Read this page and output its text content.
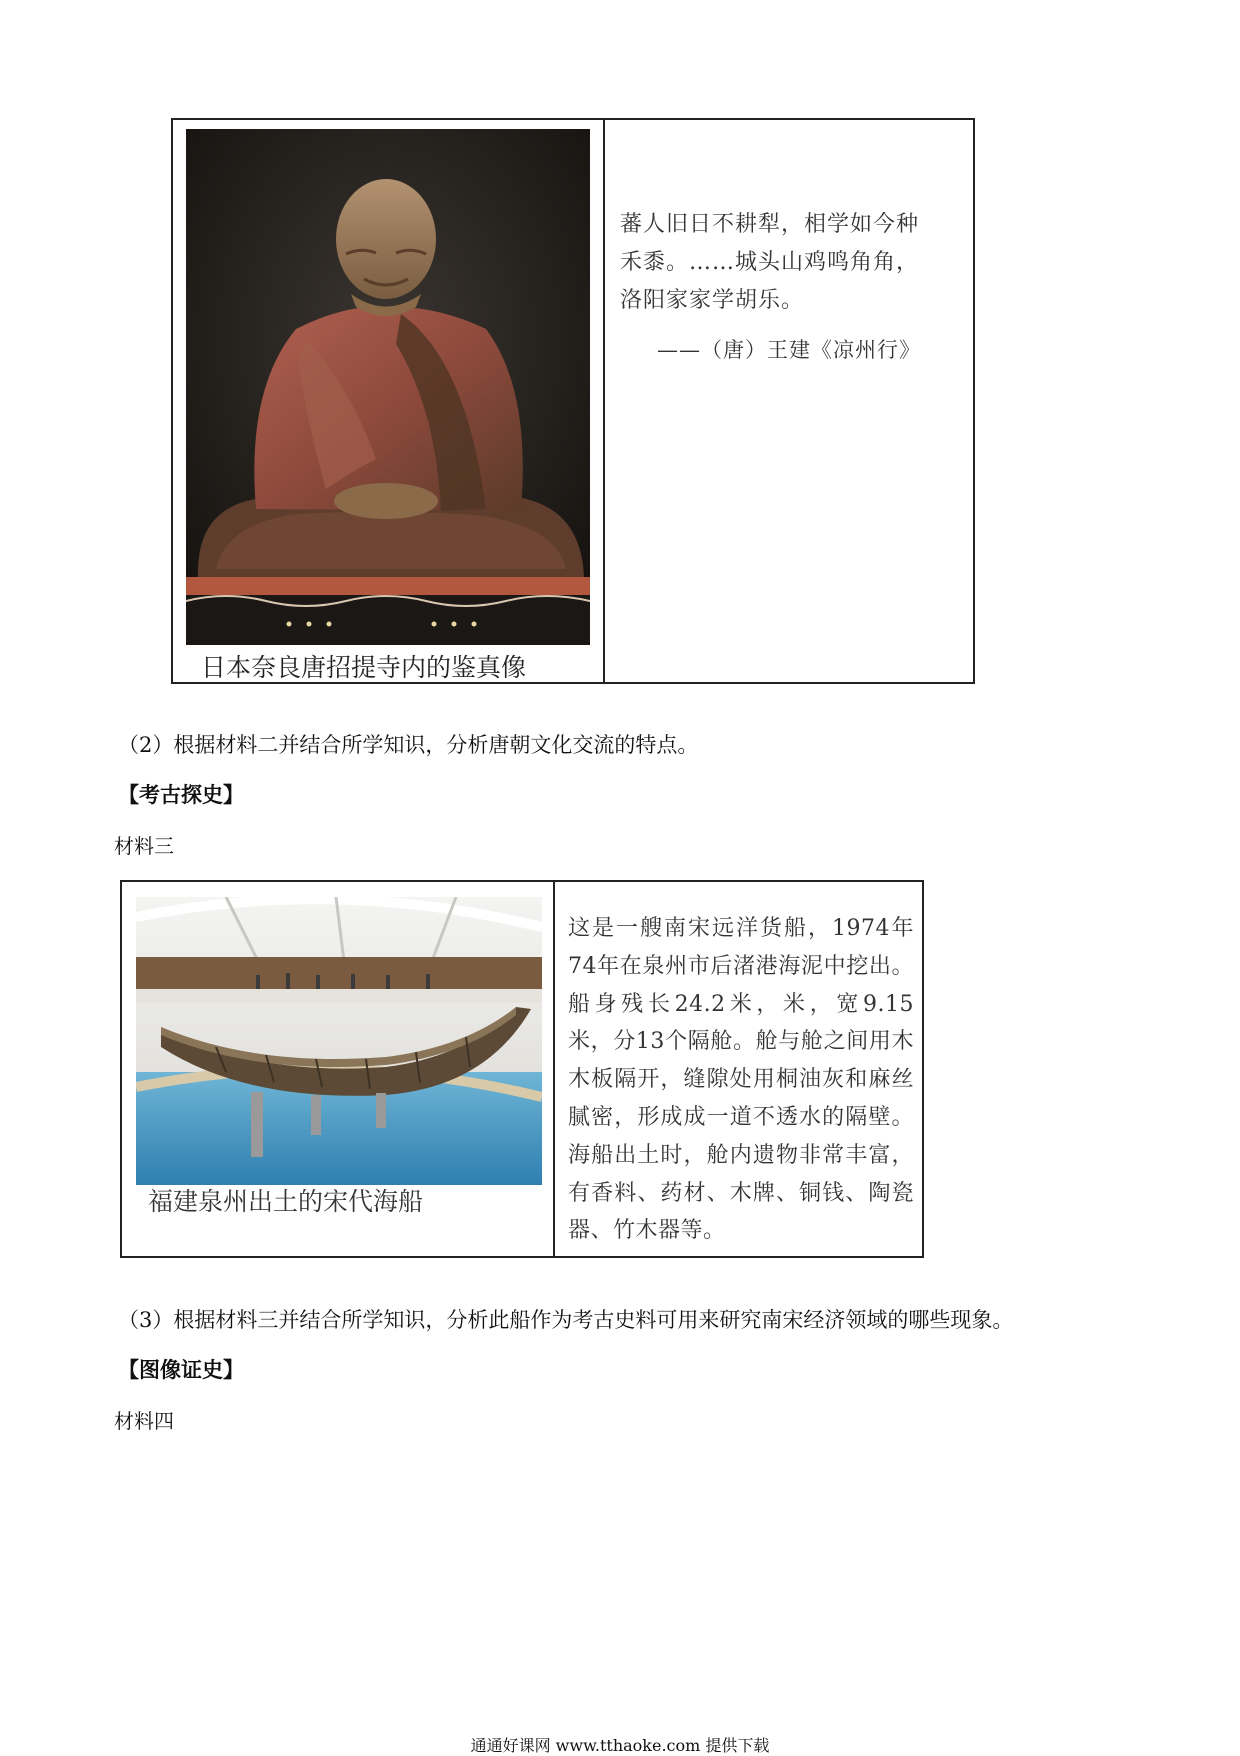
日本奈良唐招提寺内的鉴真像
蕃人旧日不耕犁，相学如今种
禾黍。……城头山鸡鸣角角，
洛阳家家学胡乐。
——（唐）王建《凉州行》
（2）根据材料二并结合所学知识，分析唐朝文化交流的特点。
【考古探史】
材料三
福建泉州出土的宋代海船
这是一艘南宋远洋货船，1974年74年在泉州市后渚港海泥中挖出。船身残长24.2米，米，宽9.15米，分13个隔舱。舱与舱之间用木木板隔开，缝隙处用桐油灰和麻丝腻密，形成成一道不透水的隔壁。海船出土时，舱内遗物非常丰富，有香料、药材、木牌、铜钱、陶瓷器、竹木器等。
（3）根据材料三并结合所学知识，分析此船作为考古史料可用来研究南宋经济领域的哪些现象。
【图像证史】
材料四
通通好课网 www.tthaoke.com 提供下载
